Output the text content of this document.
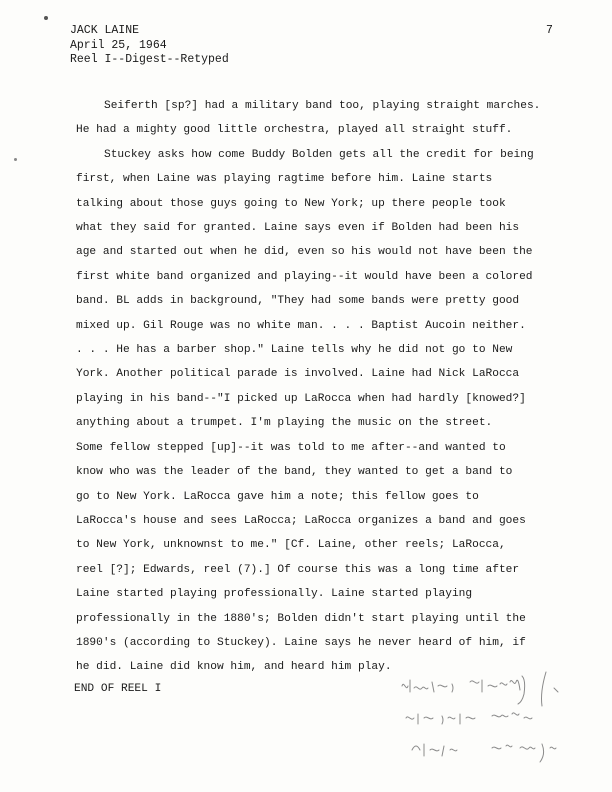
JACK LAINE
April 25, 1964
Reel I--Digest--Retyped
7
Seiferth [sp?] had a military band too, playing straight marches.
He had a mighty good little orchestra, played all straight stuff.
Stuckey asks how come Buddy Bolden gets all the credit for being
first, when Laine was playing ragtime before him. Laine starts
talking about those guys going to New York; up there people took
what they said for granted. Laine says even if Bolden had been his
age and started out when he did, even so his would not have been the
first white band organized and playing--it would have been a colored
band. BL adds in background, "They had some bands were pretty good
mixed up. Gil Rouge was no white man. . . . Baptist Aucoin neither.
. . . He has a barber shop." Laine tells why he did not go to New
York. Another political parade is involved. Laine had Nick LaRocca
playing in his band--"I picked up LaRocca when had hardly [knowed?]
anything about a trumpet. I'm playing the music on the street.
Some fellow stepped [up]--it was told to me after--and wanted to
know who was the leader of the band, they wanted to get a band to
go to New York. LaRocca gave him a note; this fellow goes to
LaRocca's house and sees LaRocca; LaRocca organizes a band and goes
to New York, unknownst to me." [Cf. Laine, other reels; LaRocca,
reel [?]; Edwards, reel (7).] Of course this was a long time after
Laine started playing professionally. Laine started playing
professionally in the 1880's; Bolden didn't start playing until the
1890's (according to Stuckey). Laine says he never heard of him, if
he did. Laine did know him, and heard him play.
END OF REEL I
